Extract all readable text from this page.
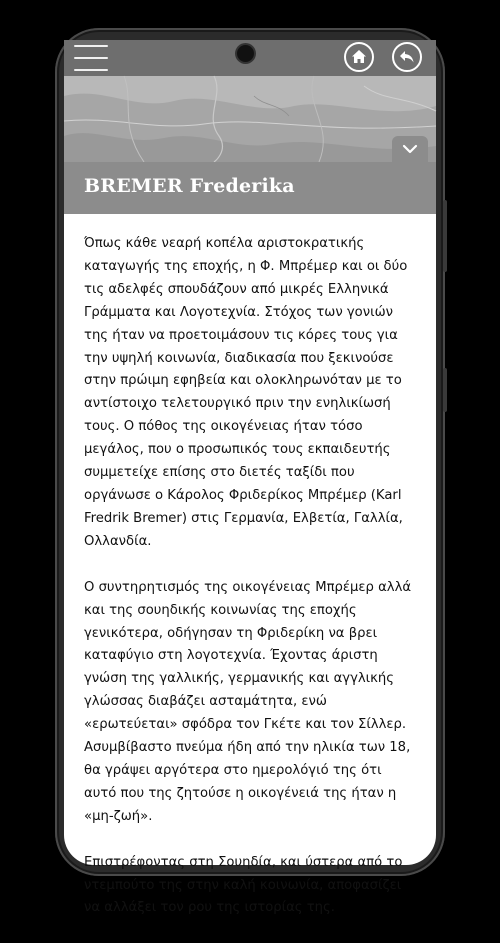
BREMER Frederika

Όπως κάθε νεαρή κοπέλα αριστοκρατικής καταγωγής της εποχής, η Φ. Μπρέμερ και οι δύο τις αδελφές σπουδάζουν από μικρές Ελληνικά Γράμματα και Λογοτεχνία. Στόχος των γονιών της ήταν να προετοιμάσουν τις κόρες τους για την υψηλή κοινωνία, διαδικασία που ξεκινούσε στην πρώιμη εφηβεία και ολοκληρωνόταν με το αντίστοιχο τελετουργικό πριν την ενηλικίωσή τους. Ο πόθος της οικογένειας ήταν τόσο μεγάλος, που ο προσωπικός τους εκπαιδευτής συμμετείχε επίσης στο διετές ταξίδι που οργάνωσε ο Κάρολος Φριδερίκος Μπρέμερ (Karl Fredrik Bremer) στις Γερμανία, Ελβετία, Γαλλία, Ολλανδία.

Ο συντηρητισμός της οικογένειας Μπρέμερ αλλά και της σουηδικής κοινωνίας της εποχής γενικότερα, οδήγησαν τη Φριδερίκη να βρει καταφύγιο στη λογοτεχνία. Έχοντας άριστη γνώση της γαλλικής, γερμανικής και αγγλικής γλώσσας διαβάζει ασταμάτητα, ενώ «ερωτεύεται» σφόδρα τον Γκέτε και τον Σίλλερ. Ασυμβίβαστο πνεύμα ήδη από την ηλικία των 18, θα γράψει αργότερα στο ημερολόγιό της ότι αυτό που της ζητούσε η οικογένειά της ήταν η «μη-ζωή».

Επιστρέφοντας στη Σουηδία, και ύστερα από το ντεμπούτο της στην καλή κοινωνία, αποφασίζει να αλλάξει τον ρου της ιστορίας της.
